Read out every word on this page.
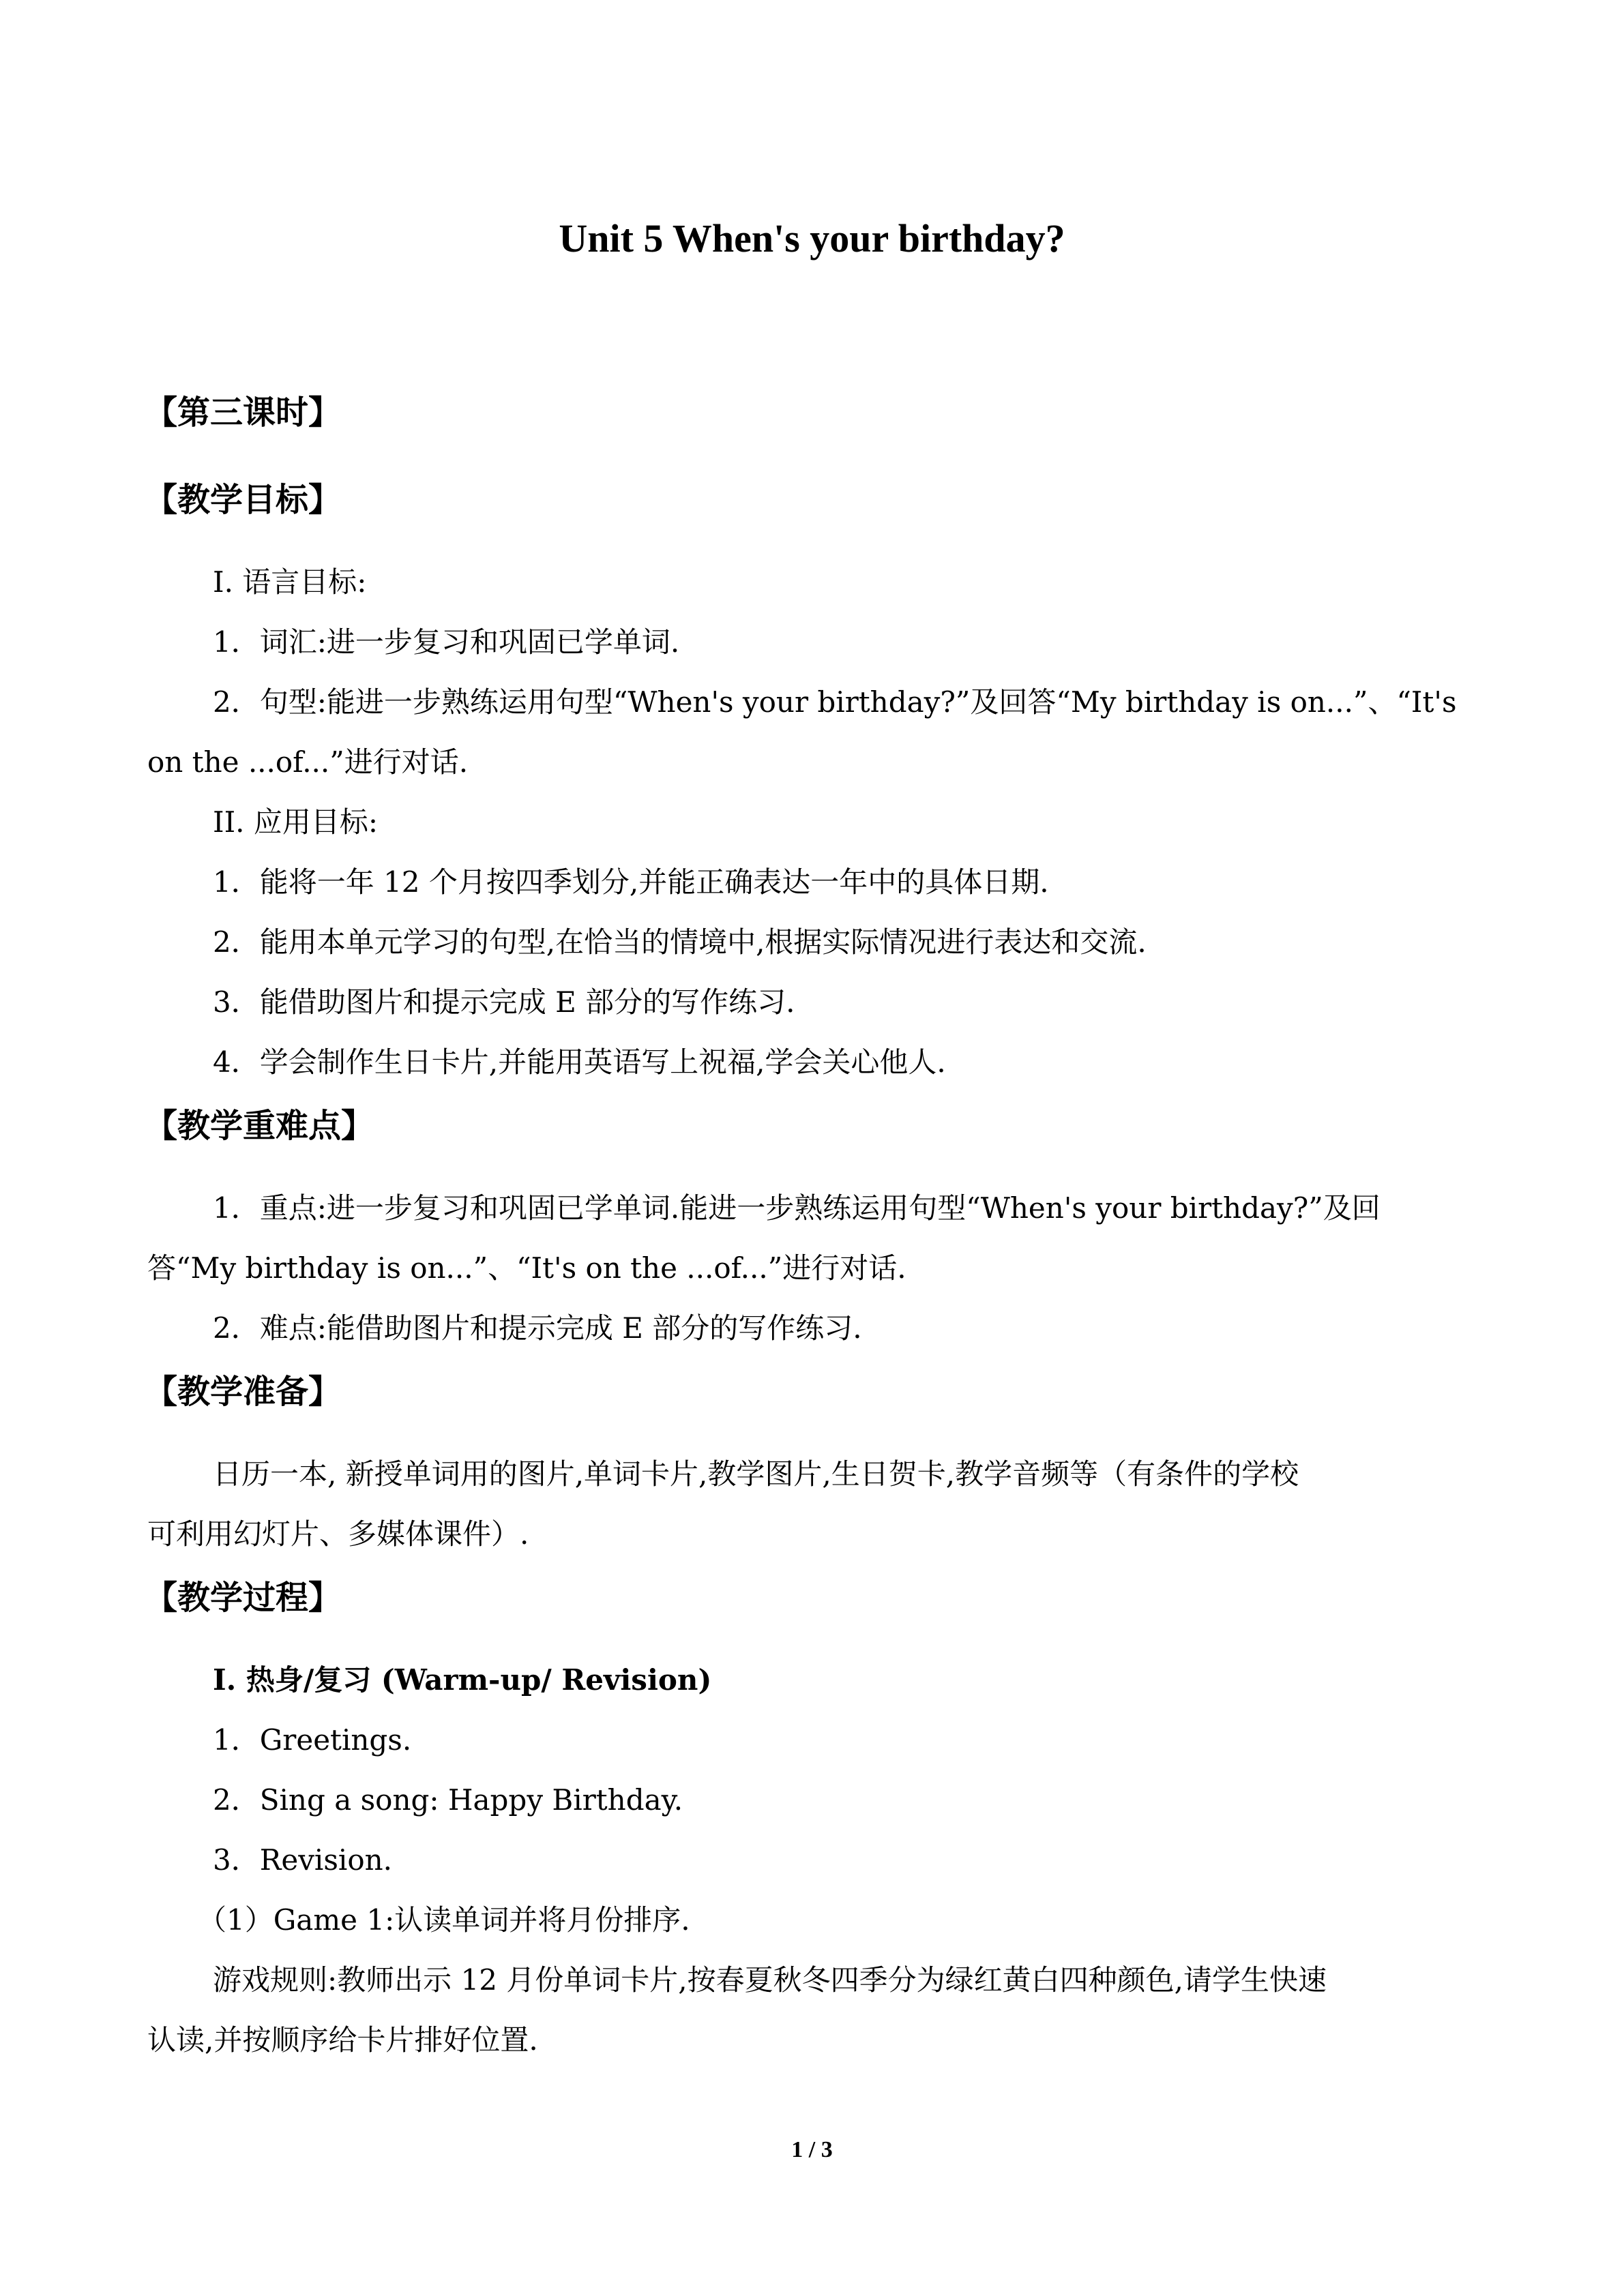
Unit 5 When's your birthday?
【第三课时】
【教学目标】
I. 语言目标:
1．词汇:进一步复习和巩固已学单词.
2．句型:能进一步熟练运用句型“When's your birthday?”及回答“My birthday is on...”、“It's
on the ...of...”进行对话.
II. 应用目标:
1．能将一年 12 个月按四季划分,并能正确表达一年中的具体日期.
2．能用本单元学习的句型,在恰当的情境中,根据实际情况进行表达和交流.
3．能借助图片和提示完成 E 部分的写作练习.
4．学会制作生日卡片,并能用英语写上祝福,学会关心他人.
【教学重难点】
1．重点:进一步复习和巩固已学单词.能进一步熟练运用句型“When's your birthday?”及回
答“My birthday is on...”、“It's on the ...of...”进行对话.
2．难点:能借助图片和提示完成 E 部分的写作练习.
【教学准备】
日历一本, 新授单词用的图片,单词卡片,教学图片,生日贺卡,教学音频等（有条件的学校
可利用幻灯片、多媒体课件）.
【教学过程】
I. 热身/复习 (Warm-up/ Revision)
1．Greetings.
2．Sing a song: Happy Birthday.
3．Revision.
（1）Game 1:认读单词并将月份排序.
游戏规则:教师出示 12 月份单词卡片,按春夏秋冬四季分为绿红黄白四种颜色,请学生快速
认读,并按顺序给卡片排好位置.
1 / 3
